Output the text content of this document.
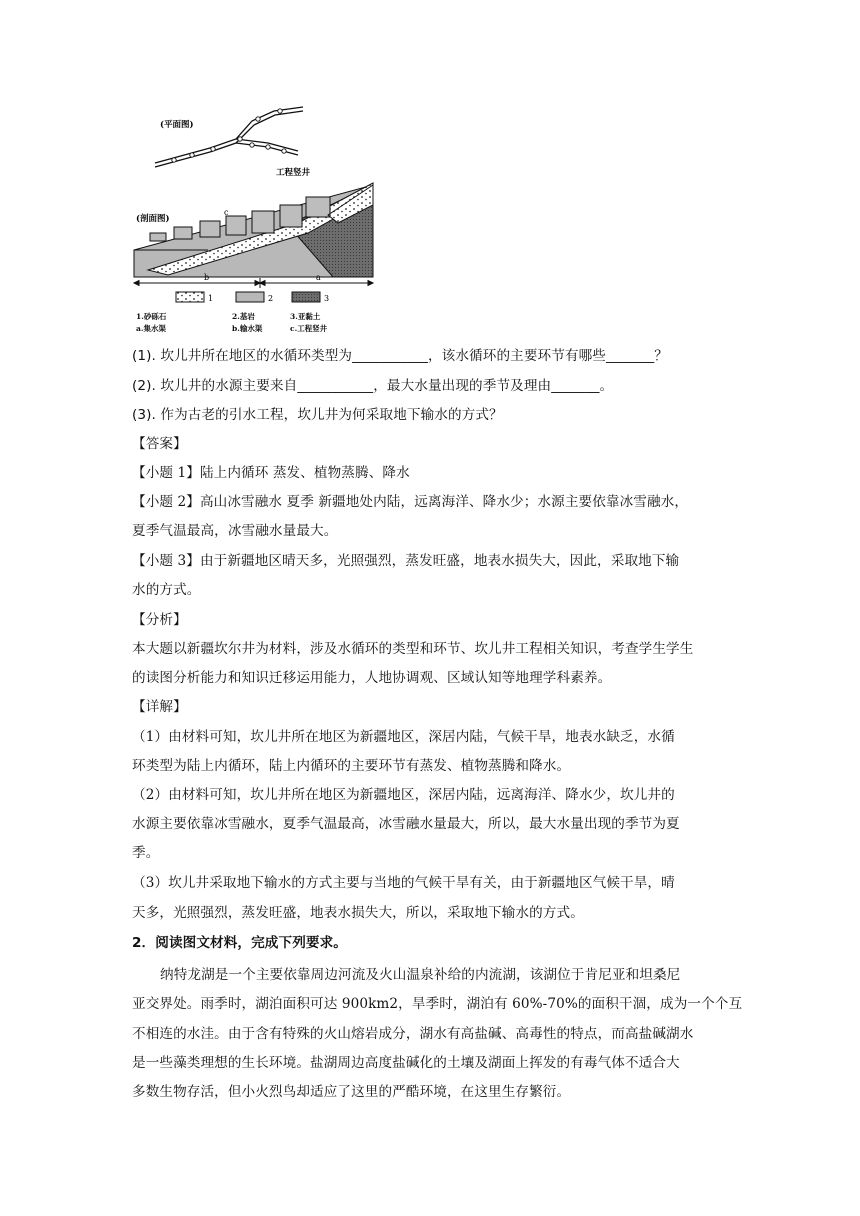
(平面图)
工程竖井
(剖面图)
c
b	a
1	2	3
1.砂砾石	2.基岩	3.亚黏土
a.集水渠	b.输水渠	c.工程竖井
(1). 坎儿井所在地区的水循环类型为___________，该水循环的主要环节有哪些_______？
(2). 坎儿井的水源主要来自___________，最大水量出现的季节及理由_______。
(3). 作为古老的引水工程，坎儿井为何采取地下输水的方式？
【答案】
【小题 1】陆上内循环 蒸发、植物蒸腾、降水
【小题 2】高山冰雪融水 夏季 新疆地处内陆，远离海洋、降水少；水源主要依靠冰雪融水，
夏季气温最高，冰雪融水量最大。
【小题 3】由于新疆地区晴天多，光照强烈，蒸发旺盛，地表水损失大，因此，采取地下输
水的方式。
【分析】
本大题以新疆坎尔井为材料，涉及水循环的类型和环节、坎儿井工程相关知识，考查学生学生
的读图分析能力和知识迁移运用能力，人地协调观、区域认知等地理学科素养。
【详解】
（1）由材料可知，坎儿井所在地区为新疆地区，深居内陆，气候干旱，地表水缺乏，水循
环类型为陆上内循环，陆上内循环的主要环节有蒸发、植物蒸腾和降水。
（2）由材料可知，坎儿井所在地区为新疆地区，深居内陆，远离海洋、降水少，坎儿井的
水源主要依靠冰雪融水，夏季气温最高，冰雪融水量最大，所以，最大水量出现的季节为夏
季。
（3）坎儿井采取地下输水的方式主要与当地的气候干旱有关，由于新疆地区气候干旱，晴
天多，光照强烈，蒸发旺盛，地表水损失大，所以，采取地下输水的方式。
2．阅读图文材料，完成下列要求。
纳特龙湖是一个主要依靠周边河流及火山温泉补给的内流湖，该湖位于肯尼亚和坦桑尼
亚交界处。雨季时，湖泊面积可达 900km2，旱季时，湖泊有 60%-70%的面积干涸，成为一个个互
不相连的水洼。由于含有特殊的火山熔岩成分，湖水有高盐碱、高毒性的特点，而高盐碱湖水
是一些藻类理想的生长环境。盐湖周边高度盐碱化的土壤及湖面上挥发的有毒气体不适合大
多数生物存活，但小火烈鸟却适应了这里的严酷环境，在这里生存繁衍。
